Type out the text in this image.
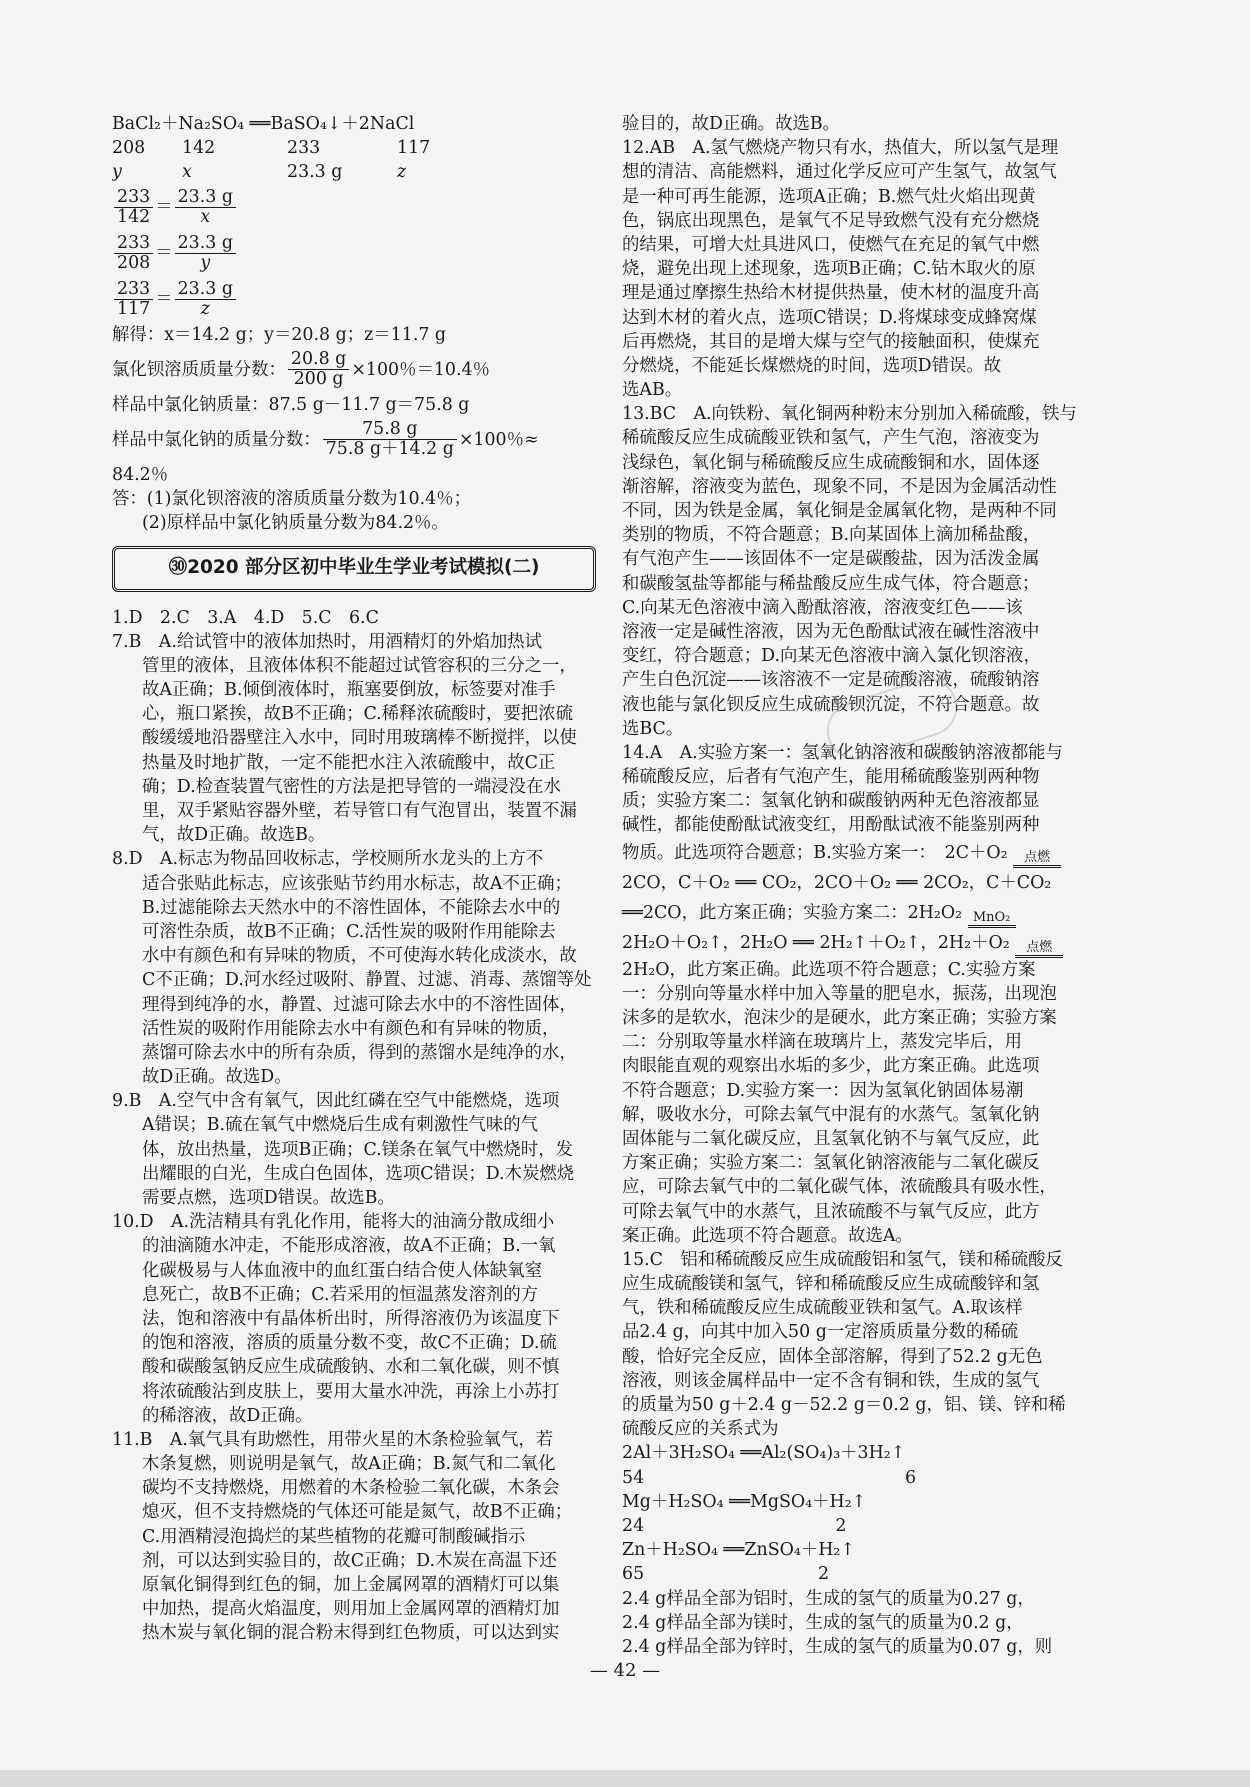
BaCl₂＋Na₂SO₄ ══BaSO₄↓＋2NaCl
208 142	233	117
y	x	23.3 g	z
$\frac{233}{142} = \frac{23.3 g}{x}$
$\frac{233}{208} = \frac{23.3 g}{y}$
$\frac{233}{117} = \frac{23.3 g}{z}$
解得：x＝14.2 g；y＝20.8 g；z＝11.7 g
氯化钡溶质质量分数： $\frac{20.8 g}{200 g} \times 100$％＝10.4％
样品中氯化钠质量：87.5 g－11.7 g＝75.8 g
样品中氯化钠的质量分数： $\frac{75.8 g}{75.8 g+14.2 g} \times 100$％≈
84.2％
答：(1)氯化钡溶液的溶质质量分数为10.4％；
(2)原样品中氯化钠质量分数为84.2％。
㉚2020 部分区初中毕业生学业考试模拟(二)
1.D　2.C　3.A　4.D　5.C　6.C
7.B　A.给试管中的液体加热时，用酒精灯的外焰加热试
管里的液体，且液体体积不能超过试管容积的三分之一，
故A正确；B.倾倒液体时，瓶塞要倒放，标签要对准手
心，瓶口紧挨，故B不正确；C.稀释浓硫酸时，要把浓硫
酸缓缓地沿器壁注入水中，同时用玻璃棒不断搅拌，以使
热量及时地扩散，一定不能把水注入浓硫酸中，故C正
确；D.检查装置气密性的方法是把导管的一端浸没在水
里，双手紧贴容器外壁，若导管口有气泡冒出，装置不漏
气，故D正确。故选B。
8.D　A.标志为物品回收标志，学校厕所水龙头的上方不
适合张贴此标志，应该张贴节约用水标志，故A不正确；
B.过滤能除去天然水中的不溶性固体，不能除去水中的
可溶性杂质，故B不正确；C.活性炭的吸附作用能除去
水中有颜色和有异味的物质，不可使海水转化成淡水，故
C不正确；D.河水经过吸附、静置、过滤、消毒、蒸馏等处
理得到纯净的水，静置、过滤可除去水中的不溶性固体，
活性炭的吸附作用能除去水中有颜色和有异味的物质，
蒸馏可除去水中的所有杂质，得到的蒸馏水是纯净的水，
故D正确。故选D。
9.B　A.空气中含有氧气，因此红磷在空气中能燃烧，选项
A错误；B.硫在氧气中燃烧后生成有刺激性气味的气
体，放出热量，选项B正确；C.镁条在氧气中燃烧时，发
出耀眼的白光，生成白色固体，选项C错误；D.木炭燃烧
需要点燃，选项D错误。故选B。
10.D　A.洗洁精具有乳化作用，能将大的油滴分散成细小
的油滴随水冲走，不能形成溶液，故A不正确；B.一氧
化碳极易与人体血液中的血红蛋白结合使人体缺氧窒
息死亡，故B不正确；C.若采用的恒温蒸发溶剂的方
法，饱和溶液中有晶体析出时，所得溶液仍为该温度下
的饱和溶液，溶质的质量分数不变，故C不正确；D.硫
酸和碳酸氢钠反应生成硫酸钠、水和二氧化碳，则不慎
将浓硫酸沾到皮肤上，要用大量水冲洗，再涂上小苏打
的稀溶液，故D正确。
11.B　A.氧气具有助燃性，用带火星的木条检验氧气，若
木条复燃，则说明是氧气，故A正确；B.氮气和二氧化
碳均不支持燃烧，用燃着的木条检验二氧化碳，木条会
熄灭，但不支持燃烧的气体还可能是氮气，故B不正确；
C.用酒精浸泡捣烂的某些植物的花瓣可制酸碱指示
剂，可以达到实验目的，故C正确；D.木炭在高温下还
原氧化铜得到红色的铜，加上金属网罩的酒精灯可以集
中加热，提高火焰温度，则用加上金属网罩的酒精灯加
热木炭与氧化铜的混合粉末得到红色物质，可以达到实
验目的，故D正确。故选B。
12.AB　A.氢气燃烧产物只有水，热值大，所以氢气是理
想的清洁、高能燃料，通过化学反应可产生氢气，故氢气
是一种可再生能源，选项A正确；B.燃气灶火焰出现黄
色，锅底出现黑色，是氧气不足导致燃气没有充分燃烧
的结果，可增大灶具进风口，使燃气在充足的氧气中燃
烧，避免出现上述现象，选项B正确；C.钻木取火的原
理是通过摩擦生热给木材提供热量，使木材的温度升高
达到木材的着火点，选项C错误；D.将煤球变成蜂窝煤
后再燃烧，其目的是增大煤与空气的接触面积，使煤充
分燃烧，不能延长煤燃烧的时间，选项D错误。故
选AB。
13.BC　A.向铁粉、氧化铜两种粉末分别加入稀硫酸，铁与
稀硫酸反应生成硫酸亚铁和氢气，产生气泡，溶液变为
浅绿色，氧化铜与稀硫酸反应生成硫酸铜和水，固体逐
渐溶解，溶液变为蓝色，现象不同，不是因为金属活动性
不同，因为铁是金属，氧化铜是金属氧化物，是两种不同
类别的物质，不符合题意；B.向某固体上滴加稀盐酸，
有气泡产生——该固体不一定是碳酸盐，因为活泼金属
和碳酸氢盐等都能与稀盐酸反应生成气体，符合题意；
C.向某无色溶液中滴入酚酞溶液，溶液变红色——该
溶液一定是碱性溶液，因为无色酚酞试液在碱性溶液中
变红，符合题意；D.向某无色溶液中滴入氯化钡溶液，
产生白色沉淀——该溶液不一定是硫酸溶液，硫酸钠溶
液也能与氯化钡反应生成硫酸钡沉淀，不符合题意。故
选BC。
14.A　A.实验方案一：氢氧化钠溶液和碳酸钠溶液都能与
稀硫酸反应，后者有气泡产生，能用稀硫酸鉴别两种物
质；实验方案二：氢氧化钠和碳酸钠两种无色溶液都显
碱性，都能使酚酞试液变红，用酚酞试液不能鉴别两种
物质。此选项符合题意；B.实验方案一：　2C＋O₂	点燃
2CO，C＋O₂ ══ CO₂，2CO＋O₂ ══ 2CO₂，C＋CO₂
══2CO，此方案正确；实验方案二：2H₂O₂ MnO₂
2H₂O＋O₂↑，2H₂O ══ 2H₂↑＋O₂↑，2H₂＋O₂	点燃
2H₂O，此方案正确。此选项不符合题意；C.实验方案
一：分别向等量水样中加入等量的肥皂水，振荡，出现泡
沫多的是软水，泡沫少的是硬水，此方案正确；实验方案
二：分别取等量水样滴在玻璃片上，蒸发完毕后，用
肉眼能直观的观察出水垢的多少，此方案正确。此选项
不符合题意；D.实验方案一：因为氢氧化钠固体易潮
解，吸收水分，可除去氧气中混有的水蒸气。氢氧化钠
固体能与二氧化碳反应，且氢氧化钠不与氧气反应，此
方案正确；实验方案二：氢氧化钠溶液能与二氧化碳反
应，可除去氧气中的二氧化碳气体，浓硫酸具有吸水性，
可除去氧气中的水蒸气，且浓硫酸不与氧气反应，此方
案正确。此选项不符合题意。故选A。
15.C　铝和稀硫酸反应生成硫酸铝和氢气，镁和稀硫酸反
应生成硫酸镁和氢气，锌和稀硫酸反应生成硫酸锌和氢
气，铁和稀硫酸反应生成硫酸亚铁和氢气。A.取该样
品2.4 g，向其中加入50 g一定溶质质量分数的稀硫
酸，恰好完全反应，固体全部溶解，得到了52.2 g无色
溶液，则该金属样品中一定不含有铜和铁，生成的氢气
的质量为50 g＋2.4 g－52.2 g＝0.2 g，铝、镁、锌和稀
硫酸反应的关系式为
2Al＋3H₂SO₄ ══Al₂(SO₄)₃＋3H₂↑
54　　　　　　　　　　　　　　　6
Mg＋H₂SO₄ ══MgSO₄＋H₂↑
24　　　　　　　　　　　2
Zn＋H₂SO₄ ══ZnSO₄＋H₂↑
65　　　　　　　　　　2
2.4 g样品全部为铝时，生成的氢气的质量为0.27 g，
2.4 g样品全部为镁时，生成的氢气的质量为0.2 g，
2.4 g样品全部为锌时，生成的氢气的质量为0.07 g，则
— 42 —
